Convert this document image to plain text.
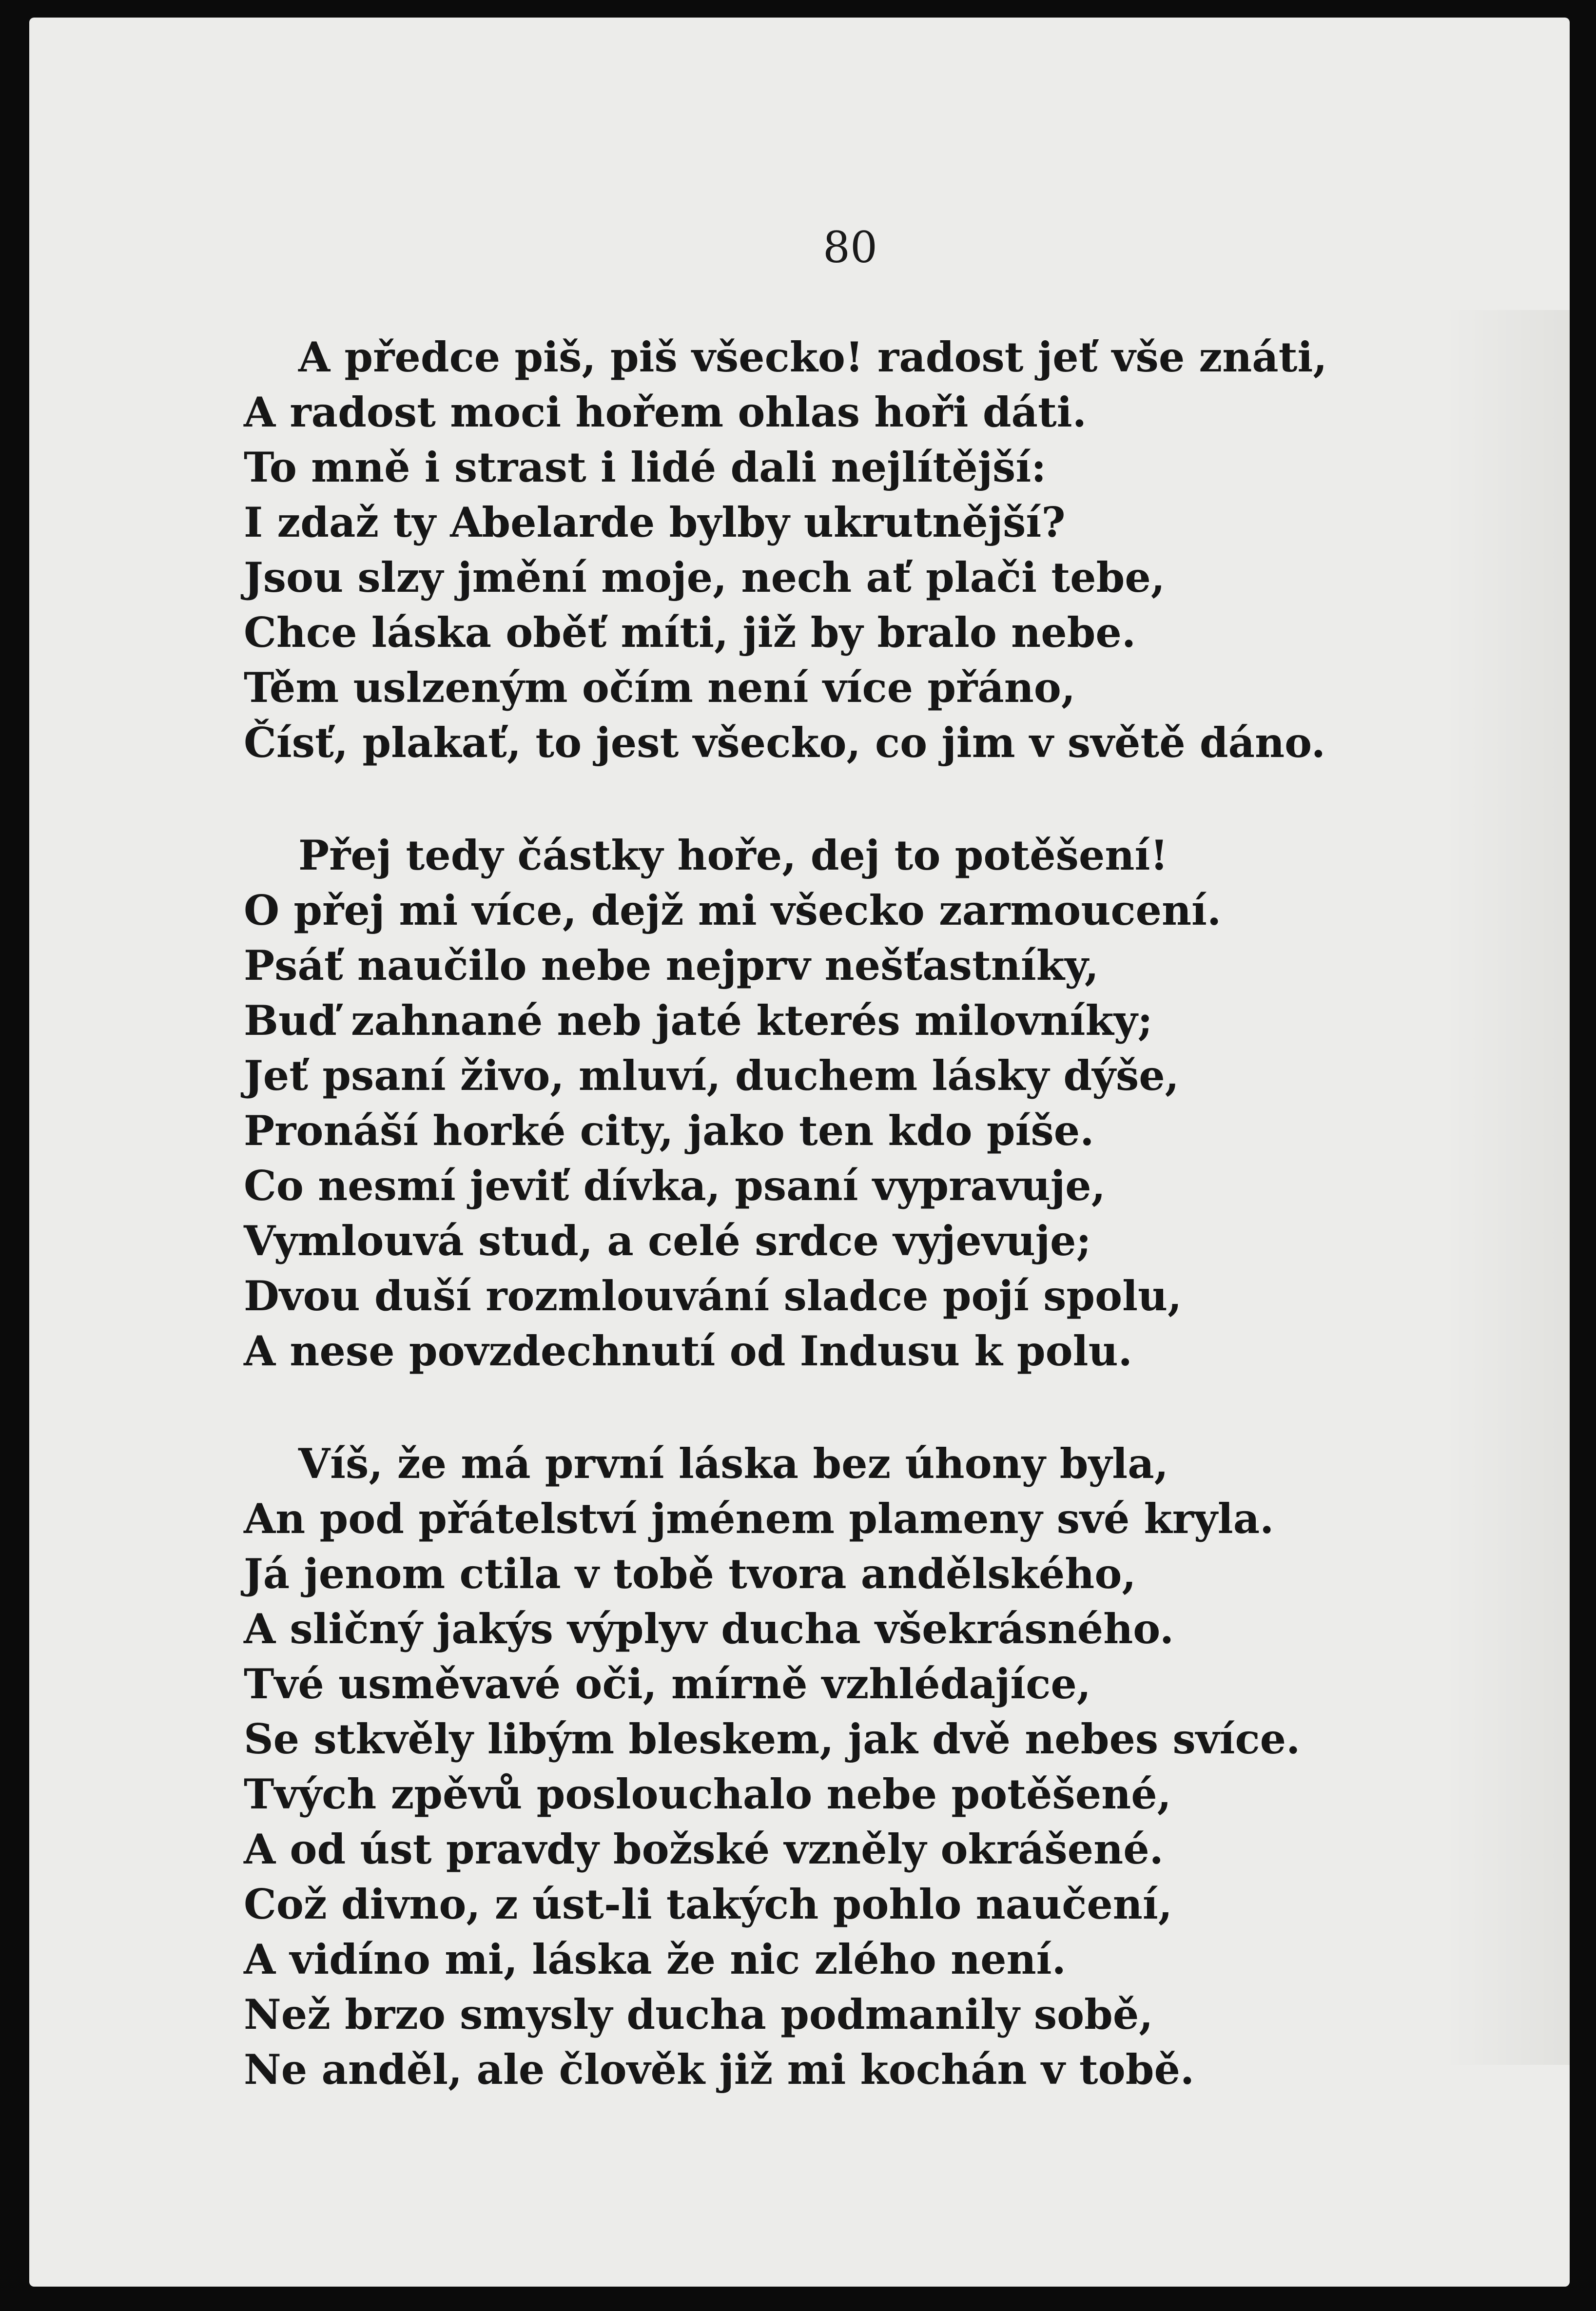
80
A předce piš, piš všecko! radost jeť vše znáti,
A radost moci hořem ohlas hoři dáti.
To mně i strast i lidé dali nejlítější:
I zdaž ty Abelarde bylby ukrutnější?
Jsou slzy jmění moje, nech ať plači tebe,
Chce láska oběť míti, již by bralo nebe.
Těm uslzeným očím není více přáno,
Čísť, plakať, to jest všecko, co jim v světě dáno.
Přej tedy částky hoře, dej to potěšení!
O přej mi více, dejž mi všecko zarmoucení.
Psáť naučilo nebe nejprv nešťastníky,
Buď zahnané neb jaté kterés milovníky;
Jeť psaní živo, mluví, duchem lásky dýše,
Pronáší horké city, jako ten kdo píše.
Co nesmí jeviť dívka, psaní vypravuje,
Vymlouvá stud, a celé srdce vyjevuje;
Dvou duší rozmlouvání sladce pojí spolu,
A nese povzdechnutí od Indusu k polu.
Víš, že má první láska bez úhony byla,
An pod přátelství jménem plameny své kryla.
Já jenom ctila v tobě tvora andělského,
A sličný jakýs výplyv ducha všekrásného.
Tvé usměvavé oči, mírně vzhlédajíce,
Se stkvěly libým bleskem, jak dvě nebes svíce.
Tvých zpěvů poslouchalo nebe potěšené,
A od úst pravdy božské vzněly okrášené.
Což divno, z úst-li takých pohlo naučení,
A vidíno mi, láska že nic zlého není.
Než brzo smysly ducha podmanily sobě,
Ne anděl, ale člověk již mi kochán v tobě.
